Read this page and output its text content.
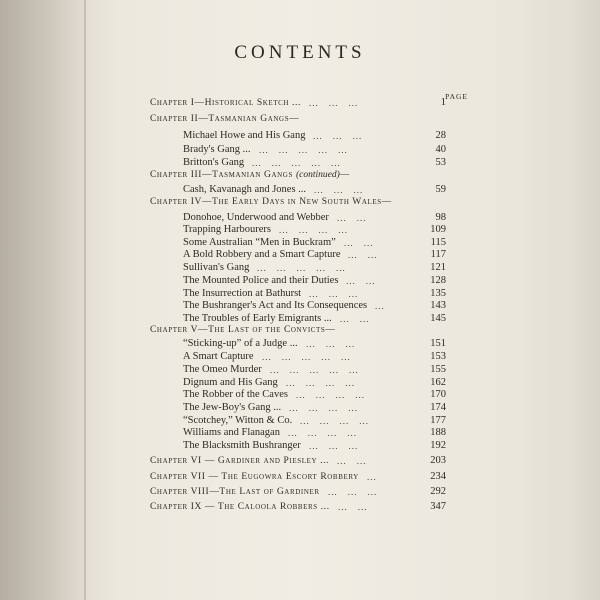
CONTENTS
PAGE
Chapter I—Historical Sketch ...	1
... ... ...
Chapter II—Tasmanian Gangs—
Michael Howe and His Gang	28
... ... ...
Brady's Gang ...	40
... ... ... ... ...
Britton's Gang	53
... ... ... ... ...
Chapter III—Tasmanian Gangs (continued)—
Cash, Kavanagh and Jones ...	59
... ... ...
Chapter IV—The Early Days in New South Wales—
Donohoe, Underwood and Webber	98
... ...
Trapping Harbourers	109
... ... ... ...
Some Australian “Men in Buckram”	115
... ...
A Bold Robbery and a Smart Capture	117
... ...
Sullivan's Gang	121
... ... ... ... ...
The Mounted Police and their Duties	128
... ...
The Insurrection at Bathurst	135
... ... ...
The Bushranger's Act and Its Consequences	143
...
The Troubles of Early Emigrants ...	145
... ...
Chapter V—The Last of the Convicts—
“Sticking-up” of a Judge ...	151
... ... ...
A Smart Capture	153
... ... ... ... ...
The Omeo Murder	155
... ... ... ... ...
Dignum and His Gang	162
... ... ... ...
The Robber of the Caves	170
... ... ... ...
The Jew-Boy's Gang ...	174
... ... ... ...
“Scotchey,” Witton & Co.	177
... ... ... ...
Williams and Flanagan	188
... ... ... ...
The Blacksmith Bushranger	192
... ... ...
Chapter VI — Gardiner and Piesley ...	203
... ...
Chapter VII — The Eugowra Escort Robbery	234
...
Chapter VIII—The Last of Gardiner	292
... ... ...
Chapter IX — The Caloola Robbers ...	347
... ...
